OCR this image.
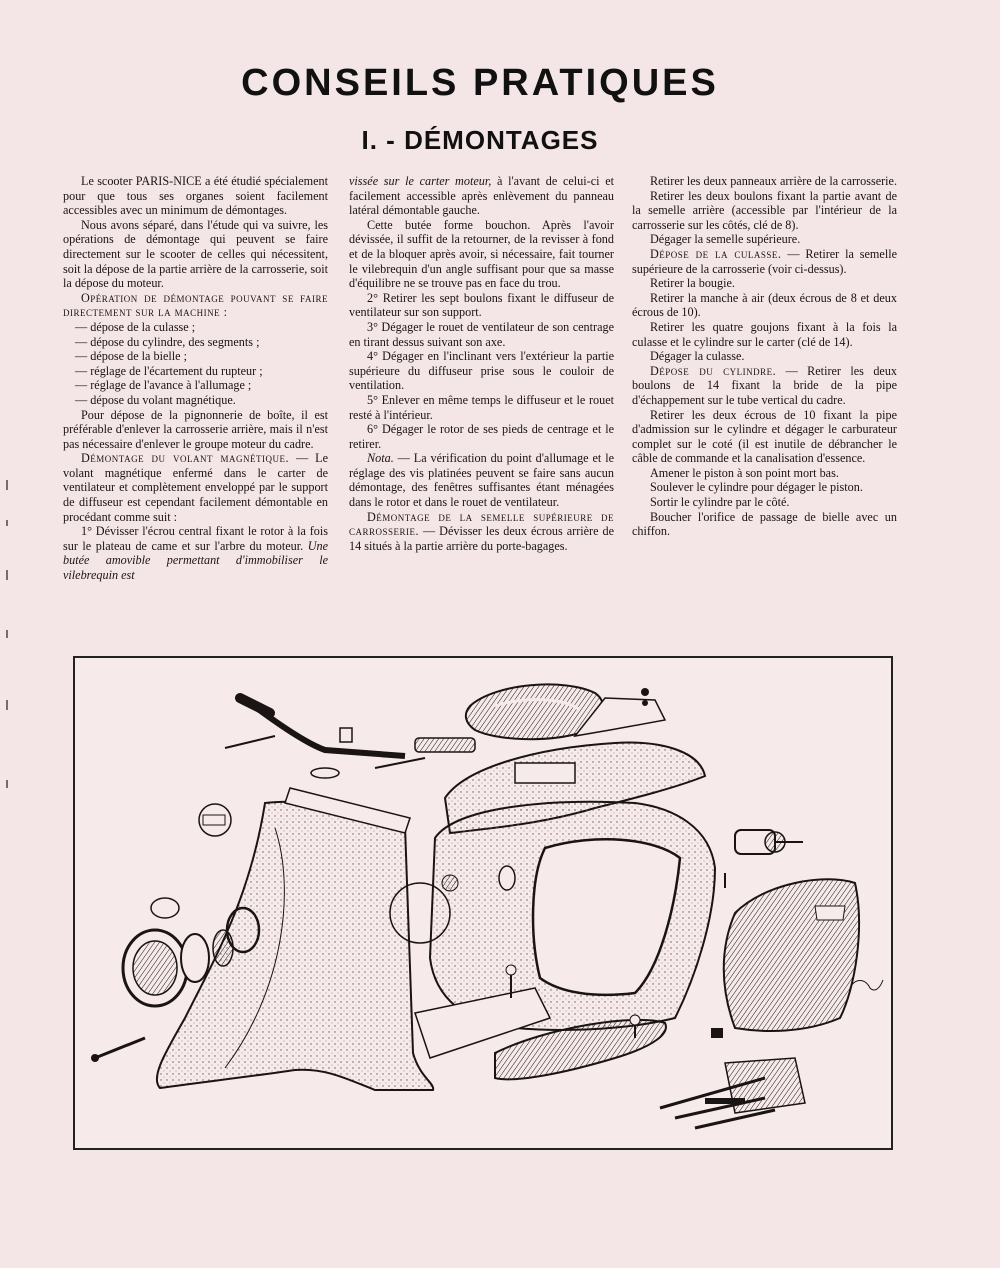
CONSEILS PRATIQUES
I. - DÉMONTAGES

Le scooter PARIS-NICE a été étudié spécialement pour que tous ses organes soient facilement accessibles avec un minimum de démontages.

Nous avons séparé, dans l'étude qui va suivre, les opérations de démontage qui peuvent se faire directement sur le scooter de celles qui nécessitent, soit la dépose de la partie arrière de la carrosserie, soit la dépose du moteur.

Opération de démontage pouvant se faire directement sur la machine :

— dépose de la culasse ;

— dépose du cylindre, des segments ;

— dépose de la bielle ;

— réglage de l'écartement du rupteur ;

— réglage de l'avance à l'allumage ;

— dépose du volant magnétique.

Pour dépose de la pignonnerie de boîte, il est préférable d'enlever la carrosserie arrière, mais il n'est pas nécessaire d'enlever le groupe moteur du cadre.

Démontage du volant magnétique. — Le volant magnétique enfermé dans le carter de ventilateur et complètement enveloppé par le support de diffuseur est cependant facilement démontable en procédant comme suit :

1° Dévisser l'écrou central fixant le rotor à la fois sur le plateau de came et sur l'arbre du moteur. Une butée amovible permettant d'immobiliser le vilebrequin est

vissée sur le carter moteur, à l'avant de celui-ci et facilement accessible après enlèvement du panneau latéral démontable gauche.

Cette butée forme bouchon. Après l'avoir dévissée, il suffit de la retourner, de la revisser à fond et de la bloquer après avoir, si nécessaire, fait tourner le vilebrequin d'un angle suffisant pour que sa masse d'équilibre ne se trouve pas en face du trou.

2° Retirer les sept boulons fixant le diffuseur de ventilateur sur son support.

3° Dégager le rouet de ventilateur de son centrage en tirant dessus suivant son axe.

4° Dégager en l'inclinant vers l'extérieur la partie supérieure du diffuseur prise sous le couloir de ventilation.

5° Enlever en même temps le diffuseur et le rouet resté à l'intérieur.

6° Dégager le rotor de ses pieds de centrage et le retirer.

Nota. — La vérification du point d'allumage et le réglage des vis platinées peuvent se faire sans aucun démontage, des fenêtres suffisantes étant ménagées dans le rotor et dans le rouet de ventilateur.

Démontage de la semelle supérieure de carrosserie. — Dévisser les deux écrous arrière de 14 situés à la partie arrière du porte-bagages.

Retirer les deux panneaux arrière de la carrosserie.

Retirer les deux boulons fixant la partie avant de la semelle arrière (accessible par l'intérieur de la carrosserie sur les côtés, clé de 8).

Dégager la semelle supérieure.

Dépose de la culasse. — Retirer la semelle supérieure de la carrosserie (voir ci-dessus).

Retirer la bougie.

Retirer la manche à air (deux écrous de 8 et deux écrous de 10).

Retirer les quatre goujons fixant à la fois la culasse et le cylindre sur le carter (clé de 14).

Dégager la culasse.

Dépose du cylindre. — Retirer les deux boulons de 14 fixant la bride de la pipe d'échappement sur le tube vertical du cadre.

Retirer les deux écrous de 10 fixant la pipe d'admission sur le cylindre et dégager le carburateur complet sur le coté (il est inutile de débrancher le câble de commande et la canalisation d'essence.

Amener le piston à son point mort bas.

Soulever le cylindre pour dégager le piston.

Sortir le cylindre par le côté.

Boucher l'orifice de passage de bielle avec un chiffon.
